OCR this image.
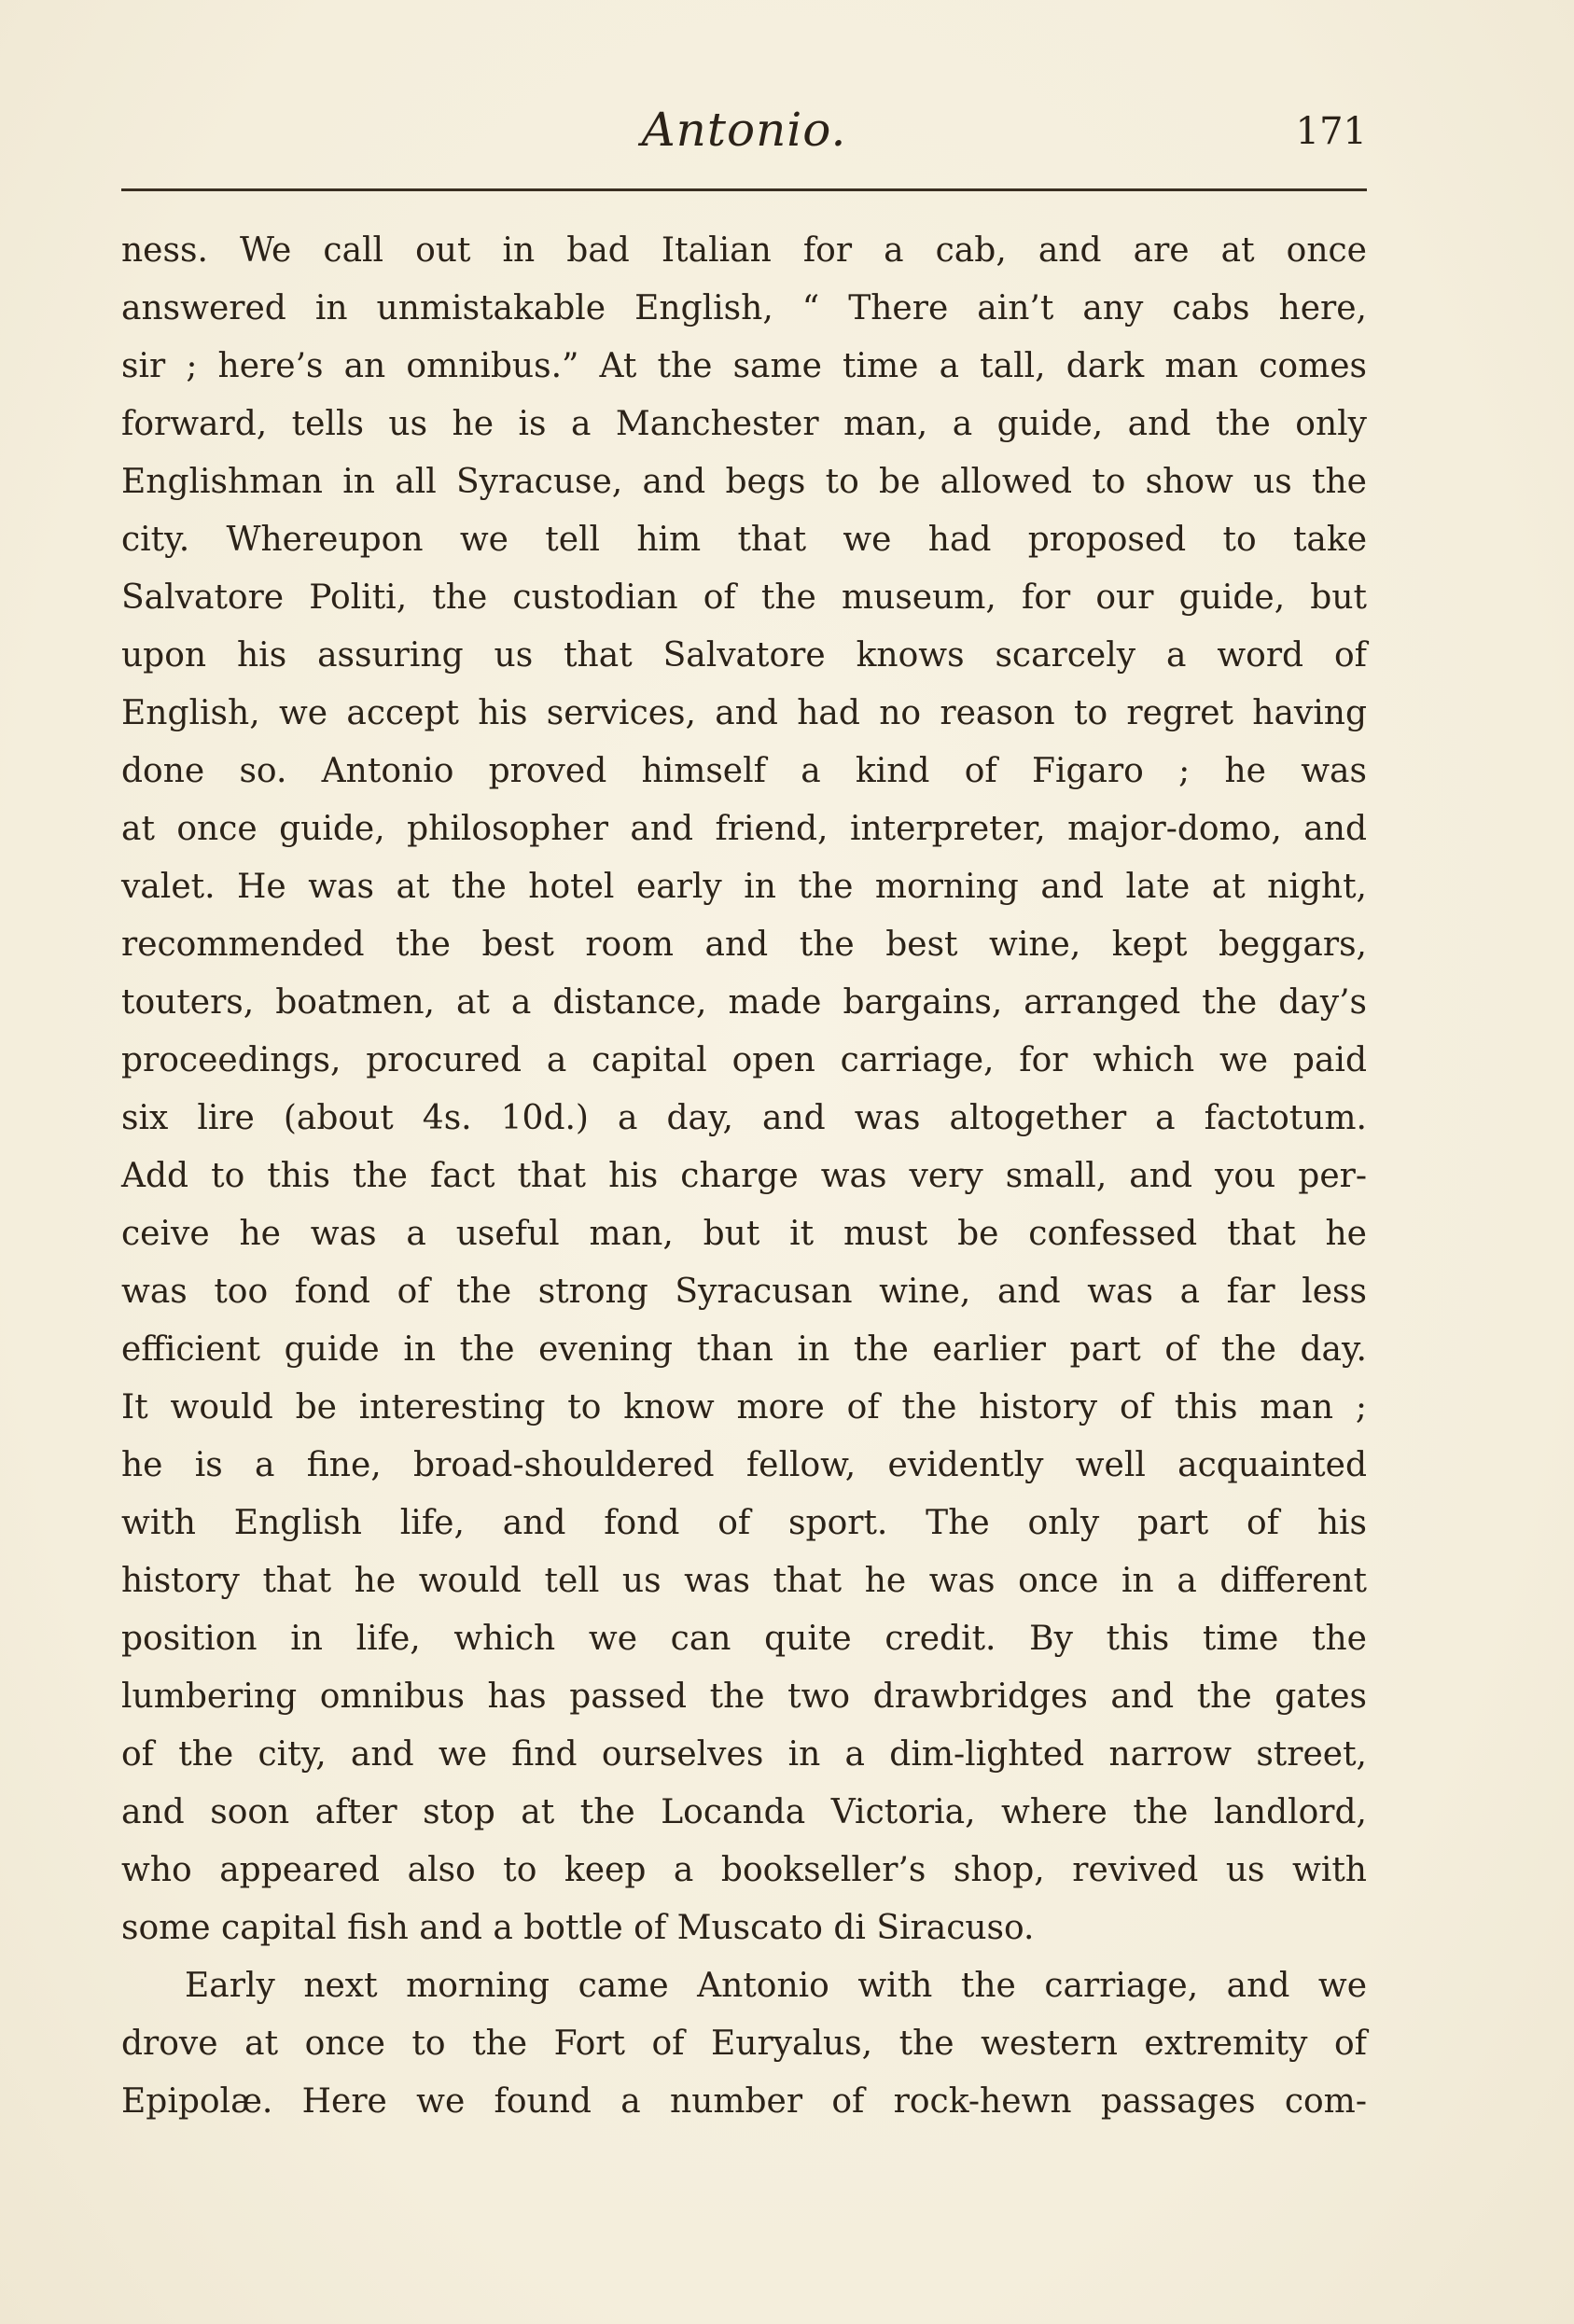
Antonio.	171
ness. We call out in bad Italian for a cab, and are at once
answered in unmistakable English, “ There ain’t any cabs here,
sir ; here’s an omnibus.” At the same time a tall, dark man comes
forward, tells us he is a Manchester man, a guide, and the only
Englishman in all Syracuse, and begs to be allowed to show us the
city. Whereupon we tell him that we had proposed to take
Salvatore Politi, the custodian of the museum, for our guide, but
upon his assuring us that Salvatore knows scarcely a word of
English, we accept his services, and had no reason to regret having
done so. Antonio proved himself a kind of Figaro ; he was
at once guide, philosopher and friend, interpreter, major-domo, and
valet. He was at the hotel early in the morning and late at night,
recommended the best room and the best wine, kept beggars,
touters, boatmen, at a distance, made bargains, arranged the day’s
proceedings, procured a capital open carriage, for which we paid
six lire (about 4s. 10d.) a day, and was altogether a factotum.
Add to this the fact that his charge was very small, and you per-
ceive he was a useful man, but it must be confessed that he
was too fond of the strong Syracusan wine, and was a far less
efficient guide in the evening than in the earlier part of the day.
It would be interesting to know more of the history of this man ;
he is a fine, broad-shouldered fellow, evidently well acquainted
with English life, and fond of sport. The only part of his
history that he would tell us was that he was once in a different
position in life, which we can quite credit. By this time the
lumbering omnibus has passed the two drawbridges and the gates
of the city, and we find ourselves in a dim-lighted narrow street,
and soon after stop at the Locanda Victoria, where the landlord,
who appeared also to keep a bookseller’s shop, revived us with
some capital fish and a bottle of Muscato di Siracuso.
Early next morning came Antonio with the carriage, and we
drove at once to the Fort of Euryalus, the western extremity of
Epipolæ. Here we found a number of rock-hewn passages com-
